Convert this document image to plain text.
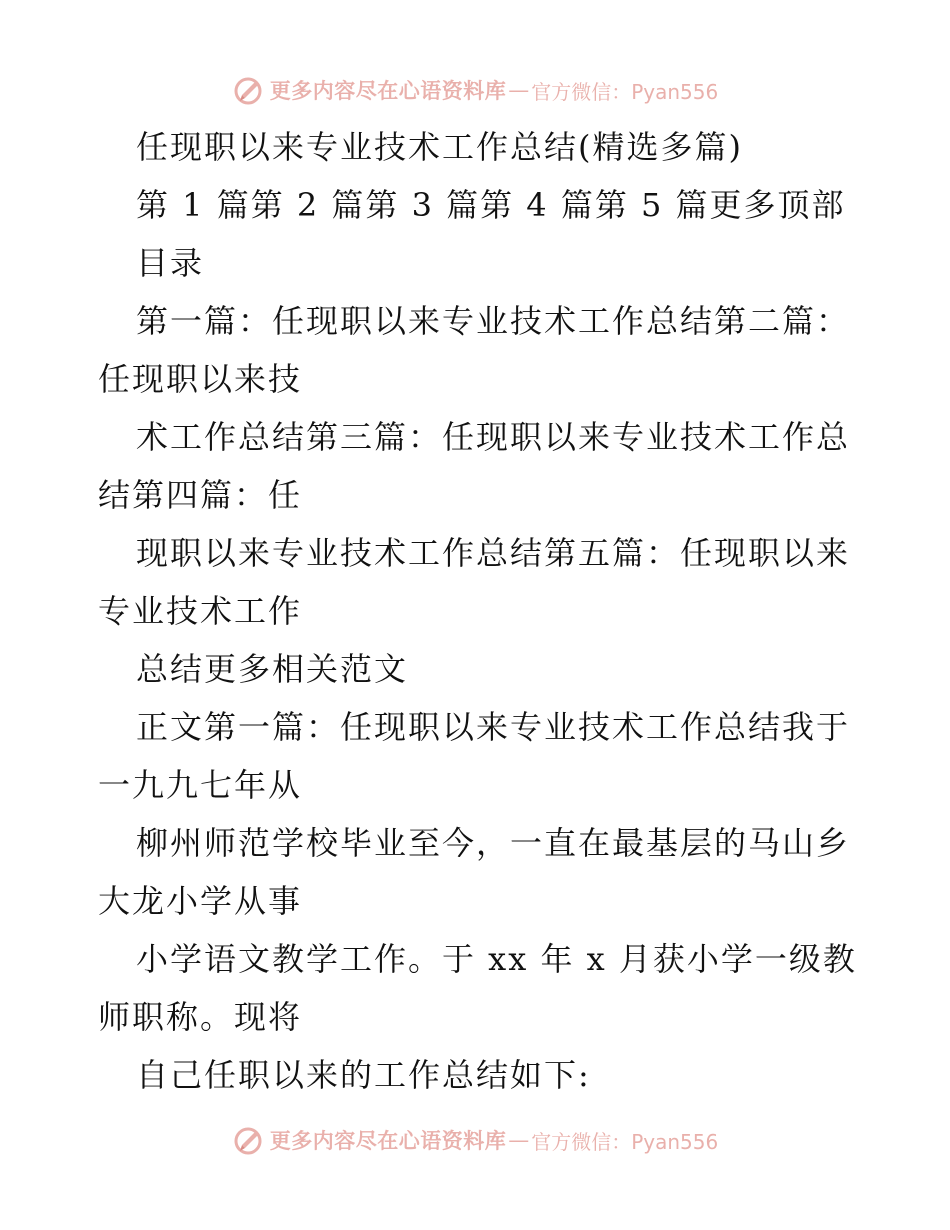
更多内容尽在心语资料库 — 官方微信：Pyan556

任现职以来专业技术工作总结(精选多篇)

第 1 篇第 2 篇第 3 篇第 4 篇第 5 篇更多顶部

目录

第一篇：任现职以来专业技术工作总结第二篇：任现职以来技

术工作总结第三篇：任现职以来专业技术工作总结第四篇：任

现职以来专业技术工作总结第五篇：任现职以来专业技术工作

总结更多相关范文

正文第一篇：任现职以来专业技术工作总结我于一九九七年从

柳州师范学校毕业至今，一直在最基层的马山乡大龙小学从事

小学语文教学工作。于 xx 年 x 月获小学一级教师职称。现将

自己任职以来的工作总结如下:

更多内容尽在心语资料库 — 官方微信：Pyan556
